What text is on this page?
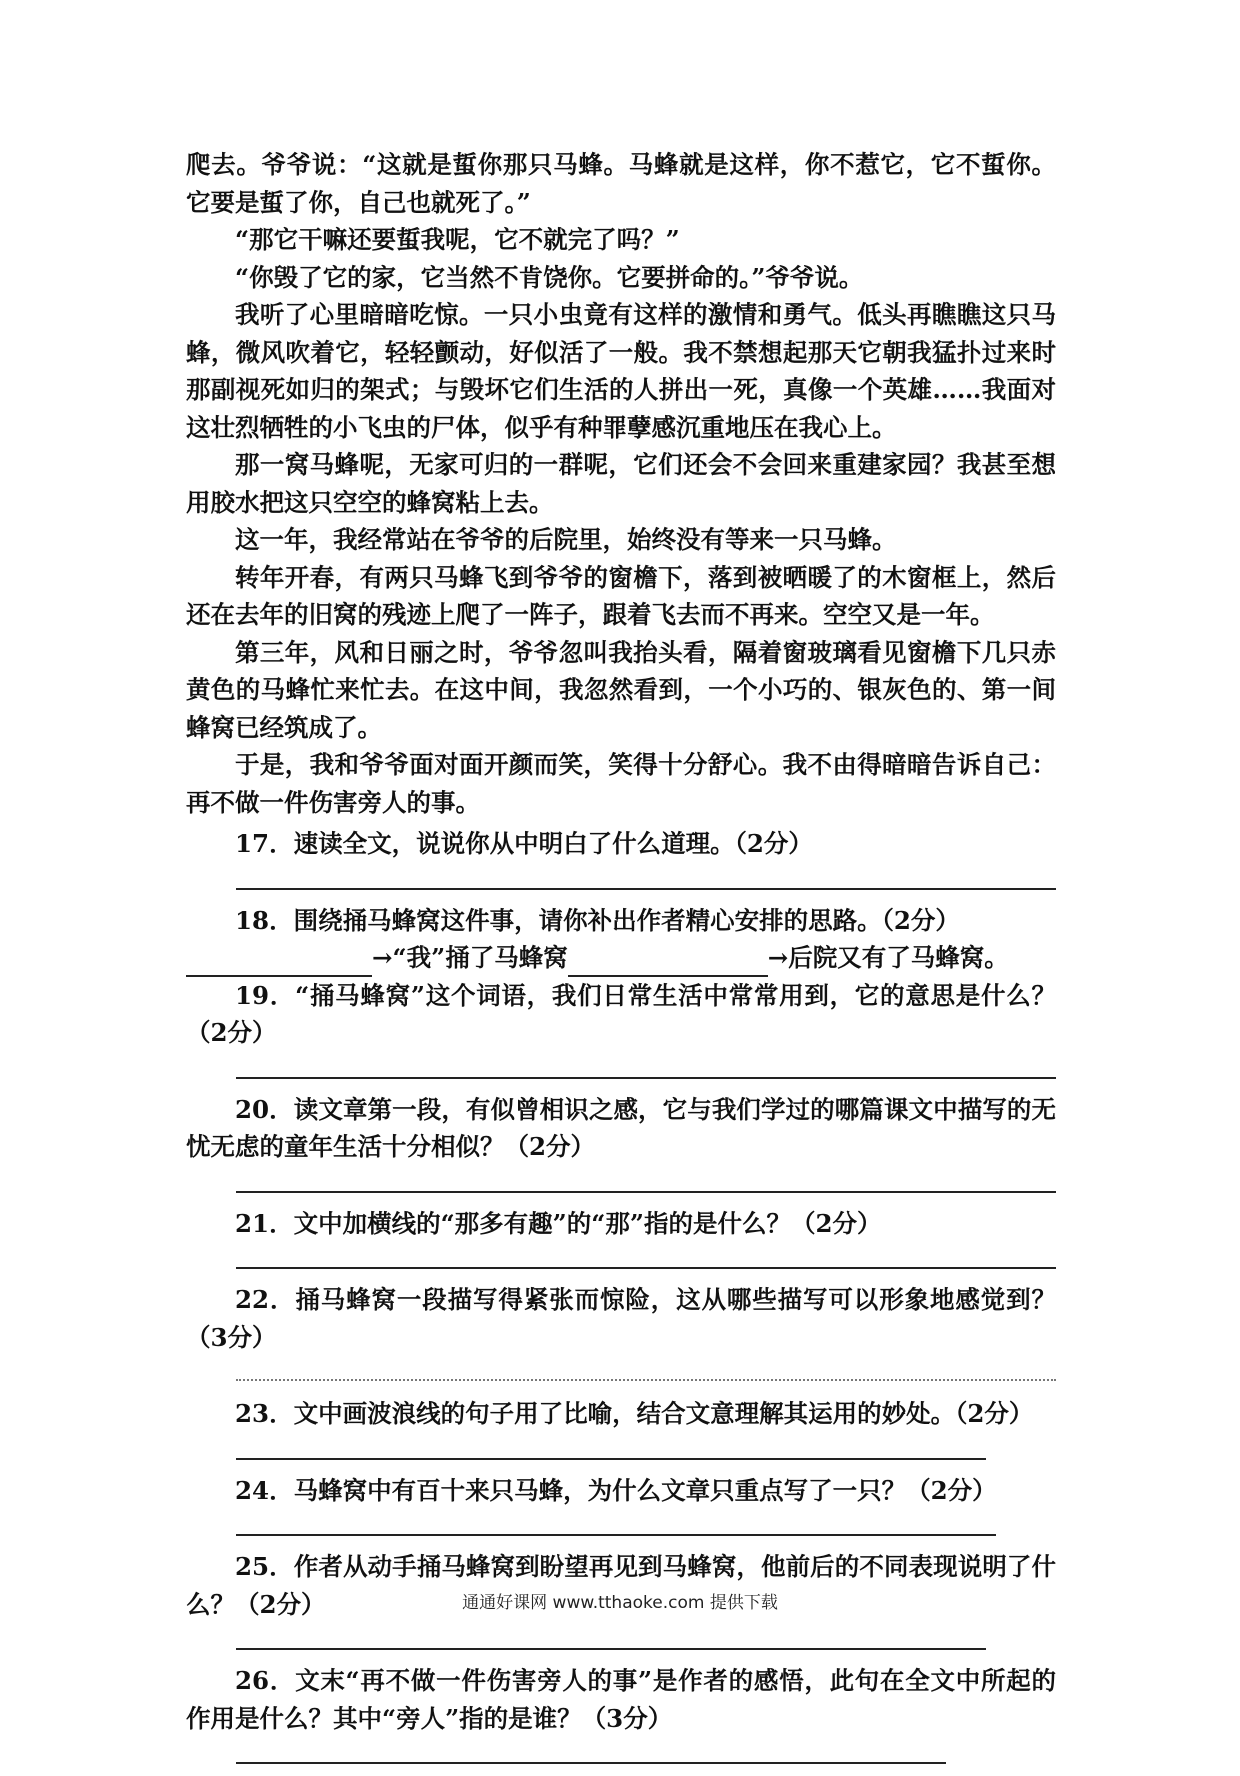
爬去。爷爷说：“这就是蜇你那只马蜂。马蜂就是这样，你不惹它，它不蜇你。它要是蜇了你，自己也就死了。”

“那它干嘛还要蜇我呢，它不就完了吗？”

“你毁了它的家，它当然不肯饶你。它要拼命的。”爷爷说。

我听了心里暗暗吃惊。一只小虫竟有这样的激情和勇气。低头再瞧瞧这只马蜂，微风吹着它，轻轻颤动，好似活了一般。我不禁想起那天它朝我猛扑过来时那副视死如归的架式；与毁坏它们生活的人拼出一死，真像一个英雄……我面对这壮烈牺牲的小飞虫的尸体，似乎有种罪孽感沉重地压在我心上。

那一窝马蜂呢，无家可归的一群呢，它们还会不会回来重建家园？我甚至想用胶水把这只空空的蜂窝粘上去。

这一年，我经常站在爷爷的后院里，始终没有等来一只马蜂。

转年开春，有两只马蜂飞到爷爷的窗檐下，落到被晒暖了的木窗框上，然后还在去年的旧窝的残迹上爬了一阵子，跟着飞去而不再来。空空又是一年。

第三年，风和日丽之时，爷爷忽叫我抬头看，隔着窗玻璃看见窗檐下几只赤黄色的马蜂忙来忙去。在这中间，我忽然看到，一个小巧的、银灰色的、第一间蜂窝已经筑成了。

于是，我和爷爷面对面开颜而笑，笑得十分舒心。我不由得暗暗告诉自己：再不做一件伤害旁人的事。

17．速读全文，说说你从中明白了什么道理。（2分）

18．围绕捅马蜂窝这件事，请你补出作者精心安排的思路。（2分）

→“我”捅了马蜂窝	→后院又有了马蜂窝。

19．“捅马蜂窝”这个词语，我们日常生活中常常用到，它的意思是什么？（2分）

20．读文章第一段，有似曾相识之感，它与我们学过的哪篇课文中描写的无忧无虑的童年生活十分相似？（2分）

21．文中加横线的“那多有趣”的“那”指的是什么？（2分）

22．捅马蜂窝一段描写得紧张而惊险，这从哪些描写可以形象地感觉到？（3分）

23．文中画波浪线的句子用了比喻，结合文意理解其运用的妙处。（2分）

24．马蜂窝中有百十来只马蜂，为什么文章只重点写了一只？（2分）

25．作者从动手捅马蜂窝到盼望再见到马蜂窝，他前后的不同表现说明了什么？（2分）

26．文末“再不做一件伤害旁人的事”是作者的感悟，此句在全文中所起的作用是什么？其中“旁人”指的是谁？（3分）

通通好课网 www.tthaoke.com 提供下载
